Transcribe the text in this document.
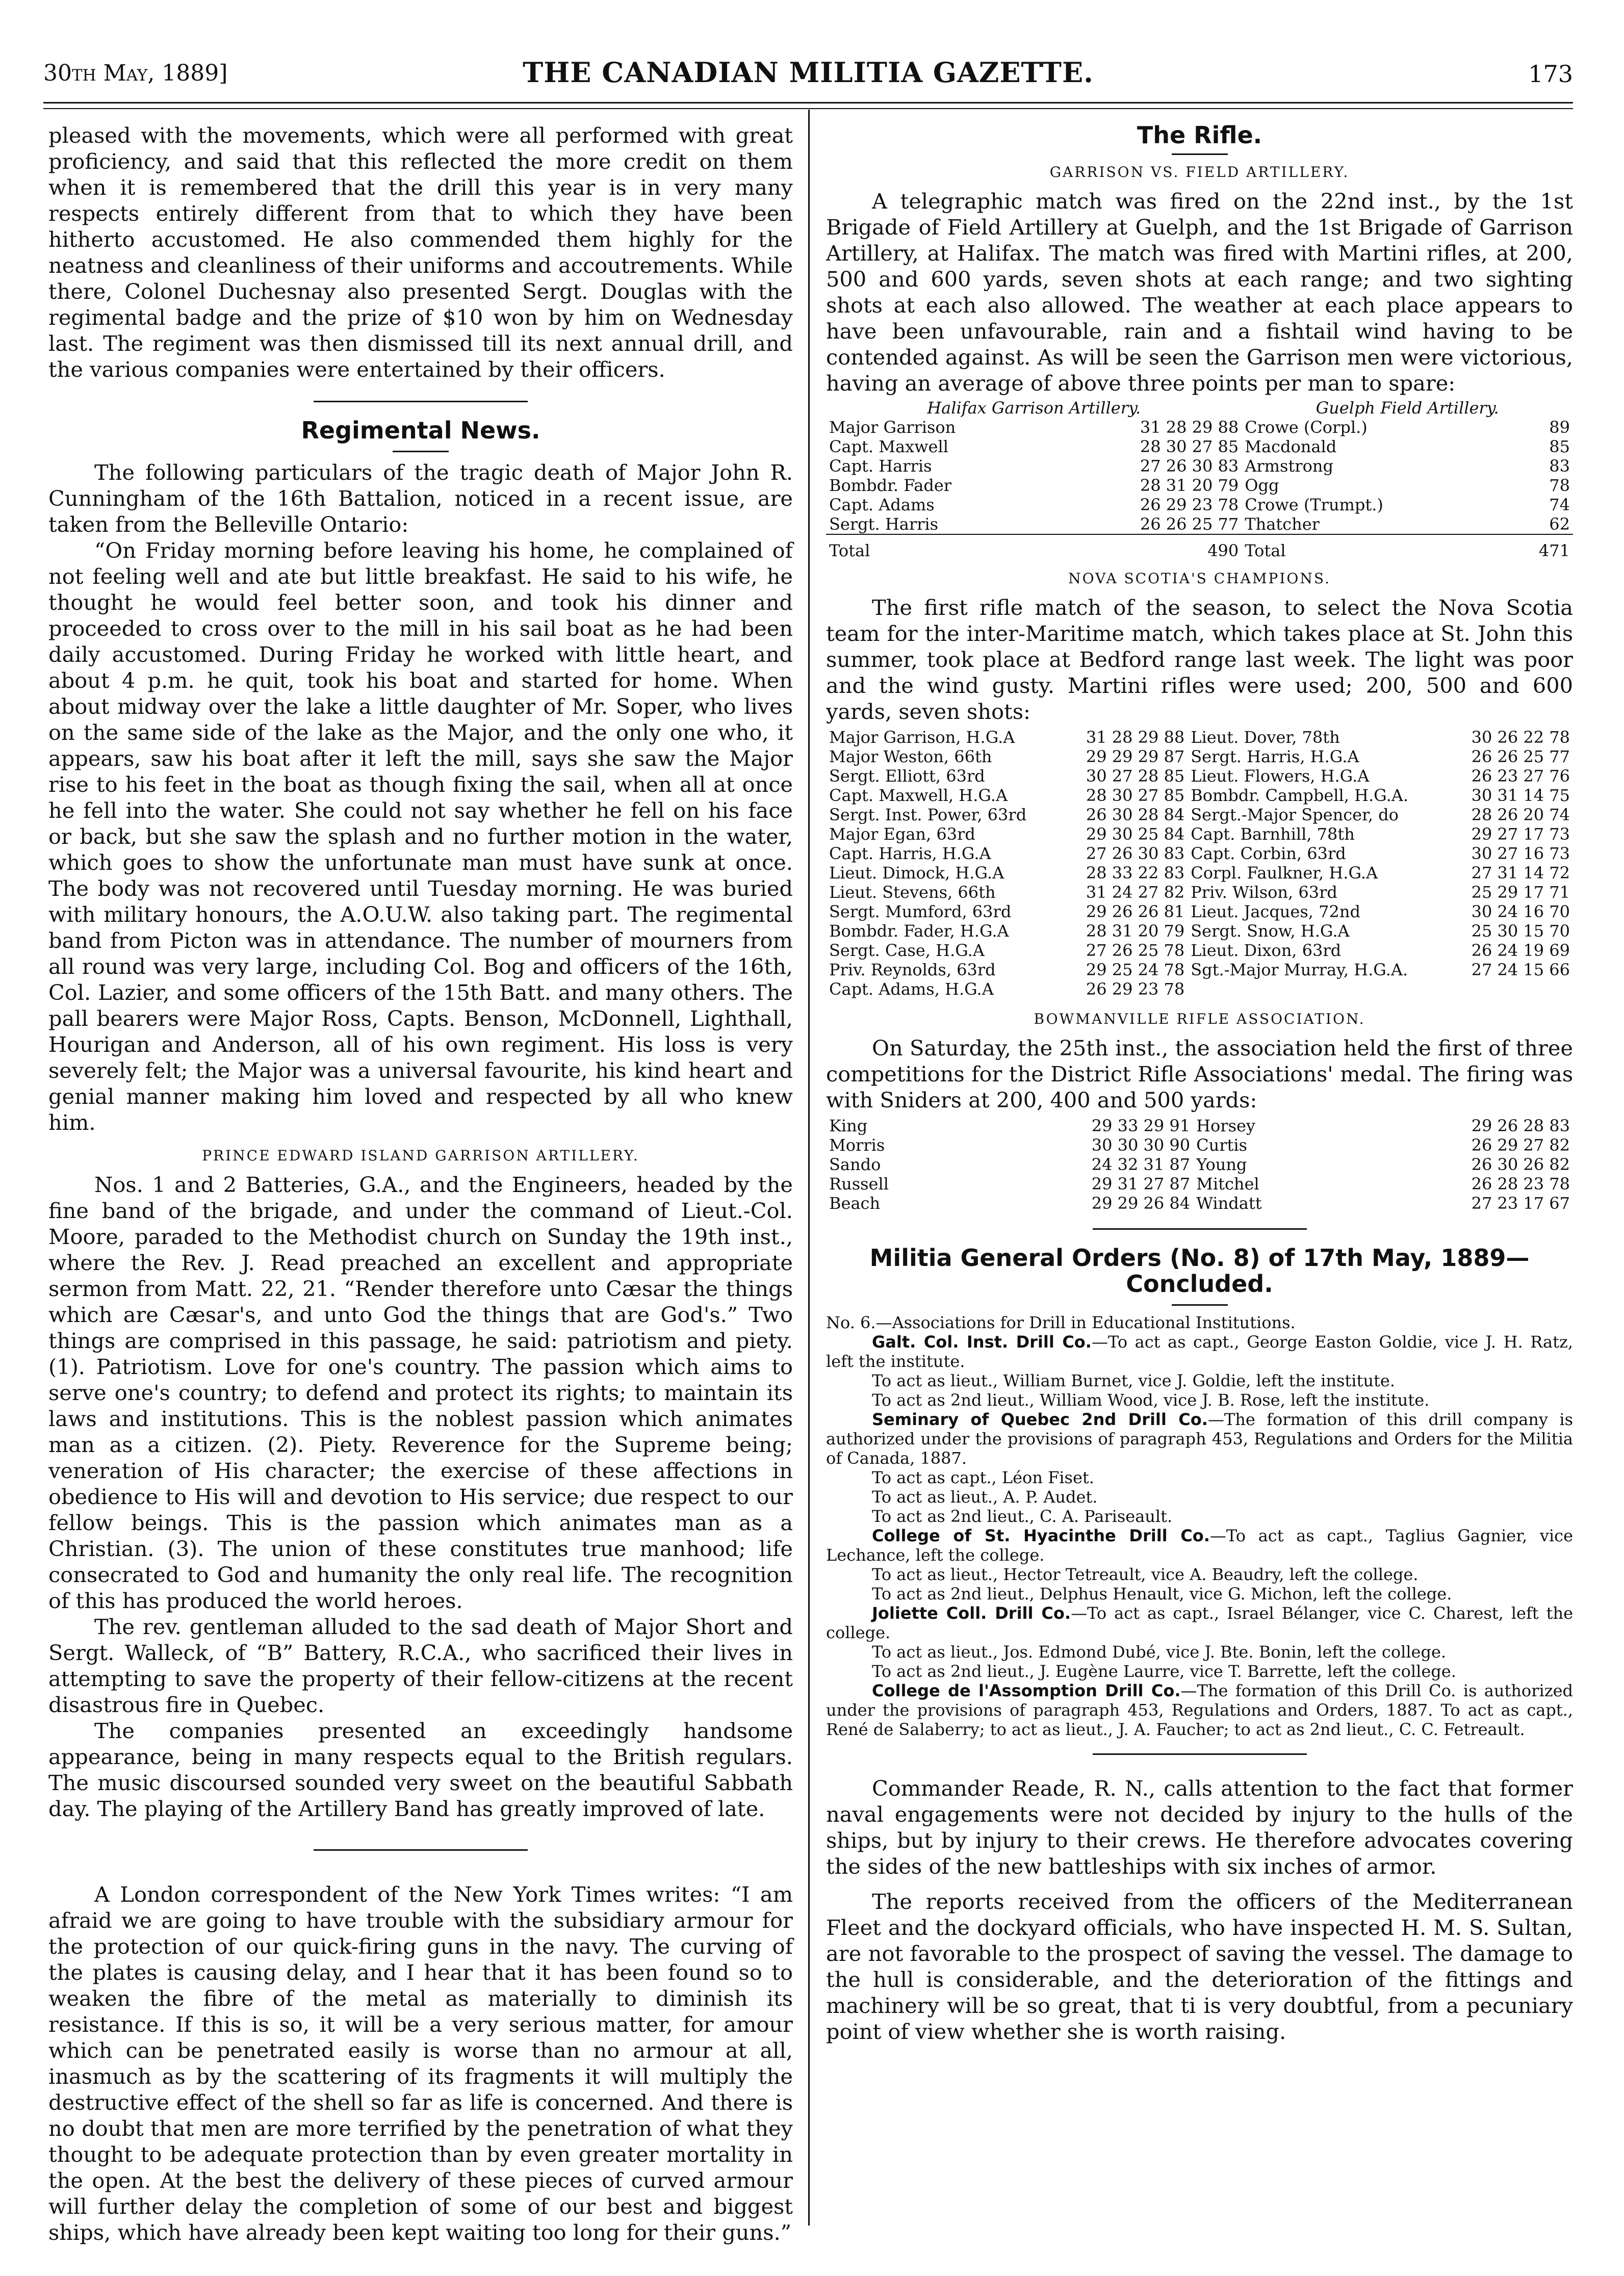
30th May, 1889]	THE CANADIAN MILITIA GAZETTE.	173

pleased with the movements, which were all performed with great proficiency, and said that this reflected the more credit on them when it is remembered that the drill this year is in very many respects entirely different from that to which they have been hitherto accustomed. He also commended them highly for the neatness and cleanliness of their uniforms and accoutrements. While there, Colonel Duchesnay also presented Sergt. Douglas with the regimental badge and the prize of $10 won by him on Wednesday last. The regiment was then dismissed till its next annual drill, and the various companies were entertained by their officers.

Regimental News.

The following particulars of the tragic death of Major John R. Cunningham of the 16th Battalion, noticed in a recent issue, are taken from the Belleville Ontario:

“On Friday morning before leaving his home, he complained of not feeling well and ate but little breakfast. He said to his wife, he thought he would feel better soon, and took his dinner and proceeded to cross over to the mill in his sail boat as he had been daily accustomed. During Friday he worked with little heart, and about 4 p.m. he quit, took his boat and started for home. When about midway over the lake a little daughter of Mr. Soper, who lives on the same side of the lake as the Major, and the only one who, it appears, saw his boat after it left the mill, says she saw the Major rise to his feet in the boat as though fixing the sail, when all at once he fell into the water. She could not say whether he fell on his face or back, but she saw the splash and no further motion in the water, which goes to show the unfortunate man must have sunk at once. The body was not recovered until Tuesday morning. He was buried with military honours, the A.O.U.W. also taking part. The regimental band from Picton was in attendance. The number of mourners from all round was very large, including Col. Bog and officers of the 16th, Col. Lazier, and some officers of the 15th Batt. and many others. The pall bearers were Major Ross, Capts. Benson, McDonnell, Lighthall, Hourigan and Anderson, all of his own regiment. His loss is very severely felt; the Major was a universal favourite, his kind heart and genial manner making him loved and respected by all who knew him.

PRINCE EDWARD ISLAND GARRISON ARTILLERY.

Nos. 1 and 2 Batteries, G.A., and the Engineers, headed by the fine band of the brigade, and under the command of Lieut.-Col. Moore, paraded to the Methodist church on Sunday the 19th inst., where the Rev. J. Read preached an excellent and appropriate sermon from Matt. 22, 21. “Render therefore unto Cæsar the things which are Cæsar's, and unto God the things that are God's.” Two things are comprised in this passage, he said: patriotism and piety. (1). Patriotism. Love for one's country. The passion which aims to serve one's country; to defend and protect its rights; to maintain its laws and institutions. This is the noblest passion which animates man as a citizen. (2). Piety. Reverence for the Supreme being; veneration of His character; the exercise of these affections in obedience to His will and devotion to His service; due respect to our fellow beings. This is the passion which animates man as a Christian. (3). The union of these constitutes true manhood; life consecrated to God and humanity the only real life. The recognition of this has produced the world heroes.

The rev. gentleman alluded to the sad death of Major Short and Sergt. Walleck, of “B” Battery, R.C.A., who sacrificed their lives in attempting to save the property of their fellow-citizens at the recent disastrous fire in Quebec.

The companies presented an exceedingly handsome appearance, being in many respects equal to the British regulars. The music discoursed sounded very sweet on the beautiful Sabbath day. The playing of the Artillery Band has greatly improved of late.

A London correspondent of the New York Times writes: “I am afraid we are going to have trouble with the subsidiary armour for the protection of our quick-firing guns in the navy. The curving of the plates is causing delay, and I hear that it has been found so to weaken the fibre of the metal as materially to diminish its resistance. If this is so, it will be a very serious matter, for amour which can be penetrated easily is worse than no armour at all, inasmuch as by the scattering of its fragments it will multiply the destructive effect of the shell so far as life is concerned. And there is no doubt that men are more terrified by the penetration of what they thought to be adequate protection than by even greater mortality in the open. At the best the delivery of these pieces of curved armour will further delay the completion of some of our best and biggest ships, which have already been kept waiting too long for their guns.”

The Rifle.
GARRISON VS. FIELD ARTILLERY.

A telegraphic match was fired on the 22nd inst., by the 1st Brigade of Field Artillery at Guelph, and the 1st Brigade of Garrison Artillery, at Halifax. The match was fired with Martini rifles, at 200, 500 and 600 yards, seven shots at each range; and two sighting shots at each also allowed. The weather at each place appears to have been unfavourable, rain and a fishtail wind having to be contended against. As will be seen the Garrison men were victorious, having an average of above three points per man to spare:

Halifax Garrison Artillery.		Guelph Field Artillery.	
Major Garrison	31 28 29 88	Crowe (Corpl.)	89
Capt. Maxwell	28 30 27 85	Macdonald	85
Capt. Harris	27 26 30 83	Armstrong	83
Bombdr. Fader	28 31 20 79	Ogg	78
Capt. Adams	26 29 23 78	Crowe (Trumpt.)	74
Sergt. Harris	26 26 25 77	Thatcher	62
Total	490	Total	471
NOVA SCOTIA'S CHAMPIONS.

The first rifle match of the season, to select the Nova Scotia team for the inter-Maritime match, which takes place at St. John this summer, took place at Bedford range last week. The light was poor and the wind gusty. Martini rifles were used; 200, 500 and 600 yards, seven shots:

Major Garrison, H.G.A	31 28 29 88	Lieut. Dover, 78th	30 26 22 78
Major Weston, 66th	29 29 29 87	Sergt. Harris, H.G.A	26 26 25 77
Sergt. Elliott, 63rd	30 27 28 85	Lieut. Flowers, H.G.A	26 23 27 76
Capt. Maxwell, H.G.A	28 30 27 85	Bombdr. Campbell, H.G.A.	30 31 14 75
Sergt. Inst. Power, 63rd	26 30 28 84	Sergt.-Major Spencer, do	28 26 20 74
Major Egan, 63rd	29 30 25 84	Capt. Barnhill, 78th	29 27 17 73
Capt. Harris, H.G.A	27 26 30 83	Capt. Corbin, 63rd	30 27 16 73
Lieut. Dimock, H.G.A	28 33 22 83	Corpl. Faulkner, H.G.A	27 31 14 72
Lieut. Stevens, 66th	31 24 27 82	Priv. Wilson, 63rd	25 29 17 71
Sergt. Mumford, 63rd	29 26 26 81	Lieut. Jacques, 72nd	30 24 16 70
Bombdr. Fader, H.G.A	28 31 20 79	Sergt. Snow, H.G.A	25 30 15 70
Sergt. Case, H.G.A	27 26 25 78	Lieut. Dixon, 63rd	26 24 19 69
Priv. Reynolds, 63rd	29 25 24 78	Sgt.-Major Murray, H.G.A.	27 24 15 66
Capt. Adams, H.G.A	26 29 23 78		
BOWMANVILLE RIFLE ASSOCIATION.

On Saturday, the 25th inst., the association held the first of three competitions for the District Rifle Associations' medal. The firing was with Sniders at 200, 400 and 500 yards:

King	29 33 29 91	Horsey	29 26 28 83
Morris	30 30 30 90	Curtis	26 29 27 82
Sando	24 32 31 87	Young	26 30 26 82
Russell	29 31 27 87	Mitchel	26 28 23 78
Beach	29 29 26 84	Windatt	27 23 17 67
Militia General Orders (No. 8) of 17th May, 1889—Concluded.

No. 6.—Associations for Drill in Educational Institutions.

Galt. Col. Inst. Drill Co.—To act as capt., George Easton Goldie, vice J. H. Ratz, left the institute.

To act as lieut., William Burnet, vice J. Goldie, left the institute.

To act as 2nd lieut., William Wood, vice J. B. Rose, left the institute.

Seminary of Quebec 2nd Drill Co.—The formation of this drill company is authorized under the provisions of paragraph 453, Regulations and Orders for the Militia of Canada, 1887.

To act as capt., Léon Fiset.

To act as lieut., A. P. Audet.

To act as 2nd lieut., C. A. Pariseault.

College of St. Hyacinthe Drill Co.—To act as capt., Taglius Gagnier, vice Lechance, left the college.

To act as lieut., Hector Tetreault, vice A. Beaudry, left the college.

To act as 2nd lieut., Delphus Henault, vice G. Michon, left the college.

Joliette Coll. Drill Co.—To act as capt., Israel Bélanger, vice C. Charest, left the college.

To act as lieut., Jos. Edmond Dubé, vice J. Bte. Bonin, left the college.

To act as 2nd lieut., J. Eugène Laurre, vice T. Barrette, left the college.

College de l'Assomption Drill Co.—The formation of this Drill Co. is authorized under the provisions of paragraph 453, Regulations and Orders, 1887. To act as capt., René de Salaberry; to act as lieut., J. A. Faucher; to act as 2nd lieut., C. C. Fetreault.

Commander Reade, R. N., calls attention to the fact that former naval engagements were not decided by injury to the hulls of the ships, but by injury to their crews. He therefore advocates covering the sides of the new battleships with six inches of armor.

The reports received from the officers of the Mediterranean Fleet and the dockyard officials, who have inspected H. M. S. Sultan, are not favorable to the prospect of saving the vessel. The damage to the hull is considerable, and the deterioration of the fittings and machinery will be so great, that ti is very doubtful, from a pecuniary point of view whether she is worth raising.
